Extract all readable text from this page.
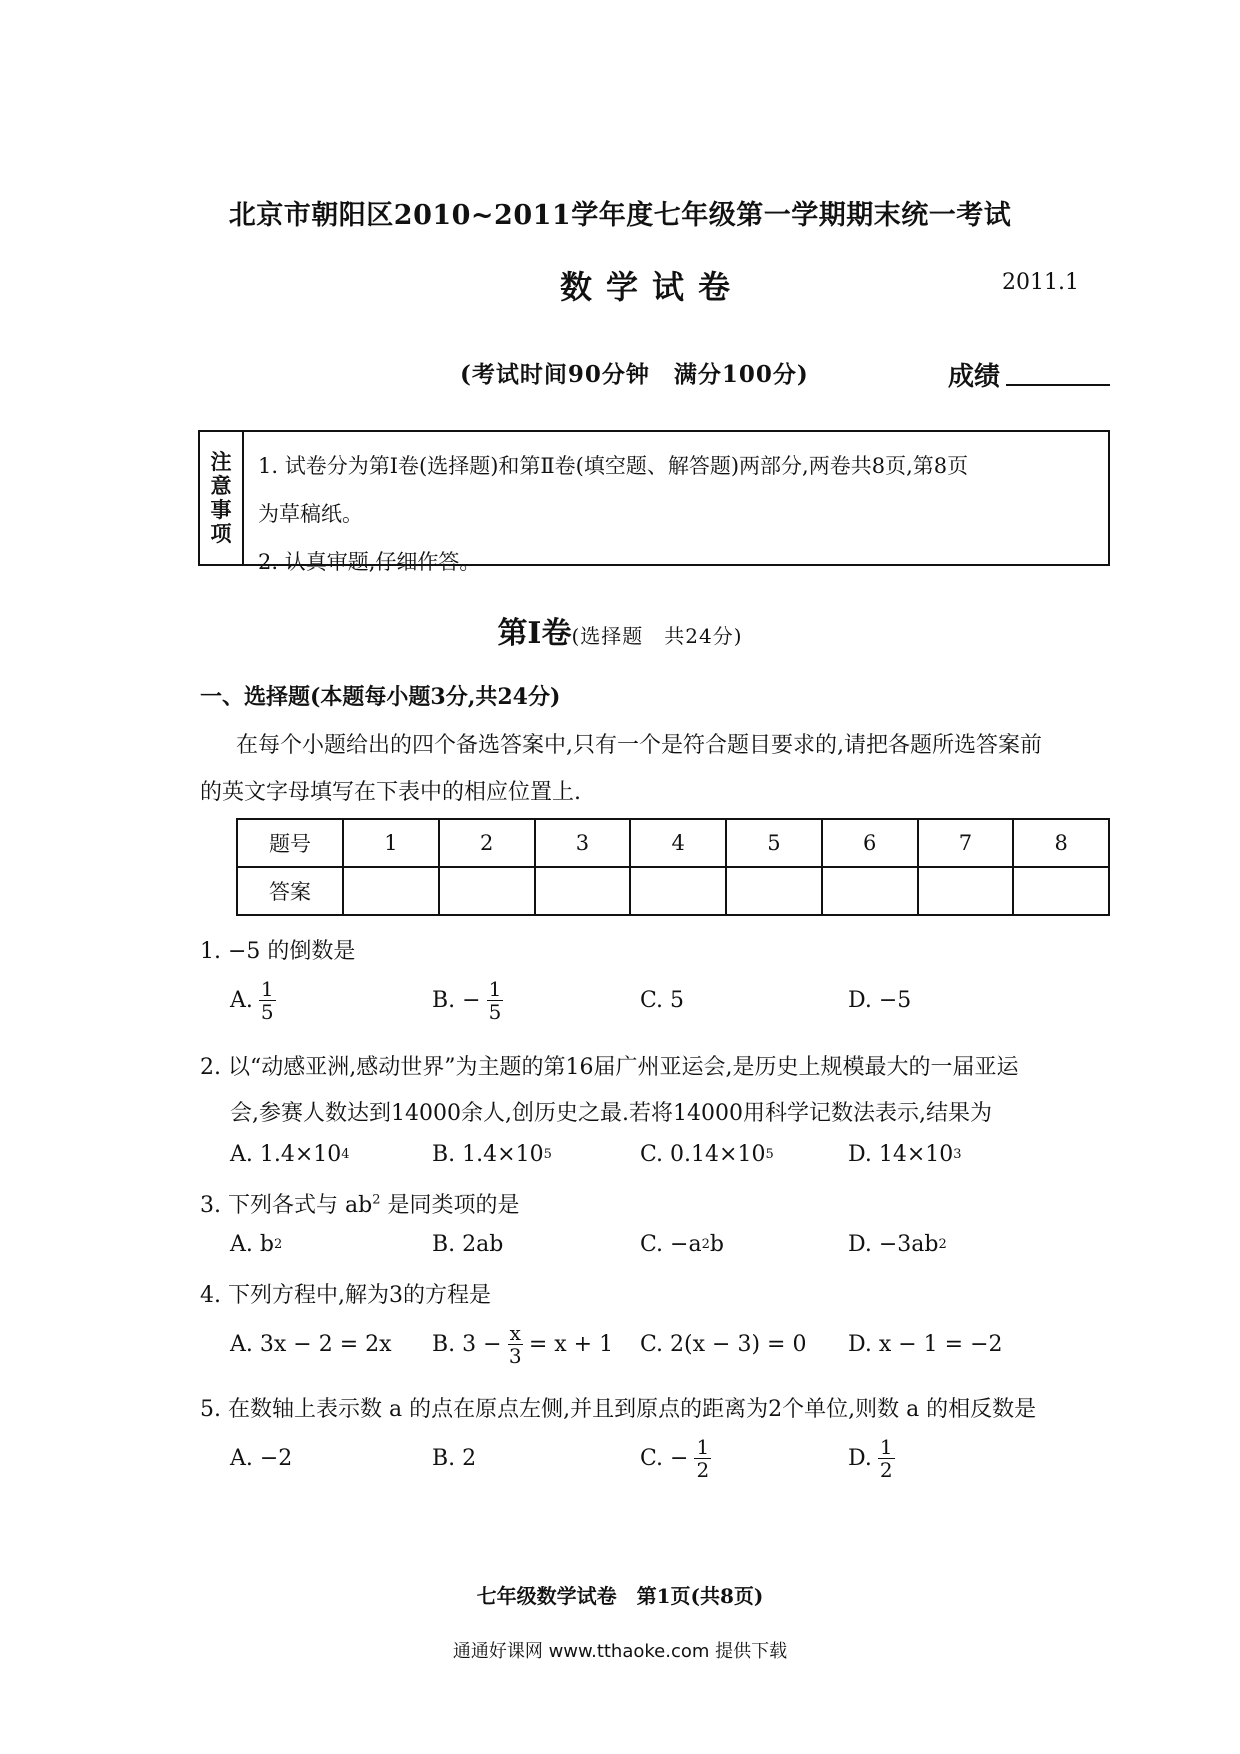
北京市朝阳区2010~2011学年度七年级第一学期期末统一考试
数学试卷	2011.1
(考试时间90分钟　满分100分)	成绩
注
意
事
项
1. 试卷分为第Ⅰ卷(选择题)和第Ⅱ卷(填空题、解答题)两部分,两卷共8页,第8页
为草稿纸。
2. 认真审题,仔细作答。
第Ⅰ卷(选择题　共24分)
一、选择题(本题每小题3分,共24分)
在每个小题给出的四个备选答案中,只有一个是符合题目要求的,请把各题所选答案前
的英文字母填写在下表中的相应位置上.
题号	1	2	3	4	5	6	7	8
答案								
1. −5 的倒数是
A. $\frac{1}{5}$	B. − $\frac{1}{5}$	C. 5	D. −5
2. 以“动感亚洲,感动世界”为主题的第16届广州亚运会,是历史上规模最大的一届亚运
会,参赛人数达到14000余人,创历史之最.若将14000用科学记数法表示,结果为
A. 1.4×10 4	B. 1.4×10 5	C. 0.14×10 5	D. 14×10 3
3. 下列各式与 $ab^2$ 是同类项的是
A. b 2	B. 2ab	C. −a 2 b	D. −3ab 2
4. 下列方程中,解为3的方程是
A. 3x − 2 = 2x B. $3 - \frac{x}{3} = x + 1$ C. 2(x − 3) = 0 D. x − 1 = −2
5. 在数轴上表示数 a 的点在原点左侧,并且到原点的距离为2个单位,则数 a 的相反数是
A. −2	B. 2	C. − $\frac{1}{2}$	D. $\frac{1}{2}$
七年级数学试卷　第1页(共8页)
通通好课网 www.tthaoke.com 提供下载
